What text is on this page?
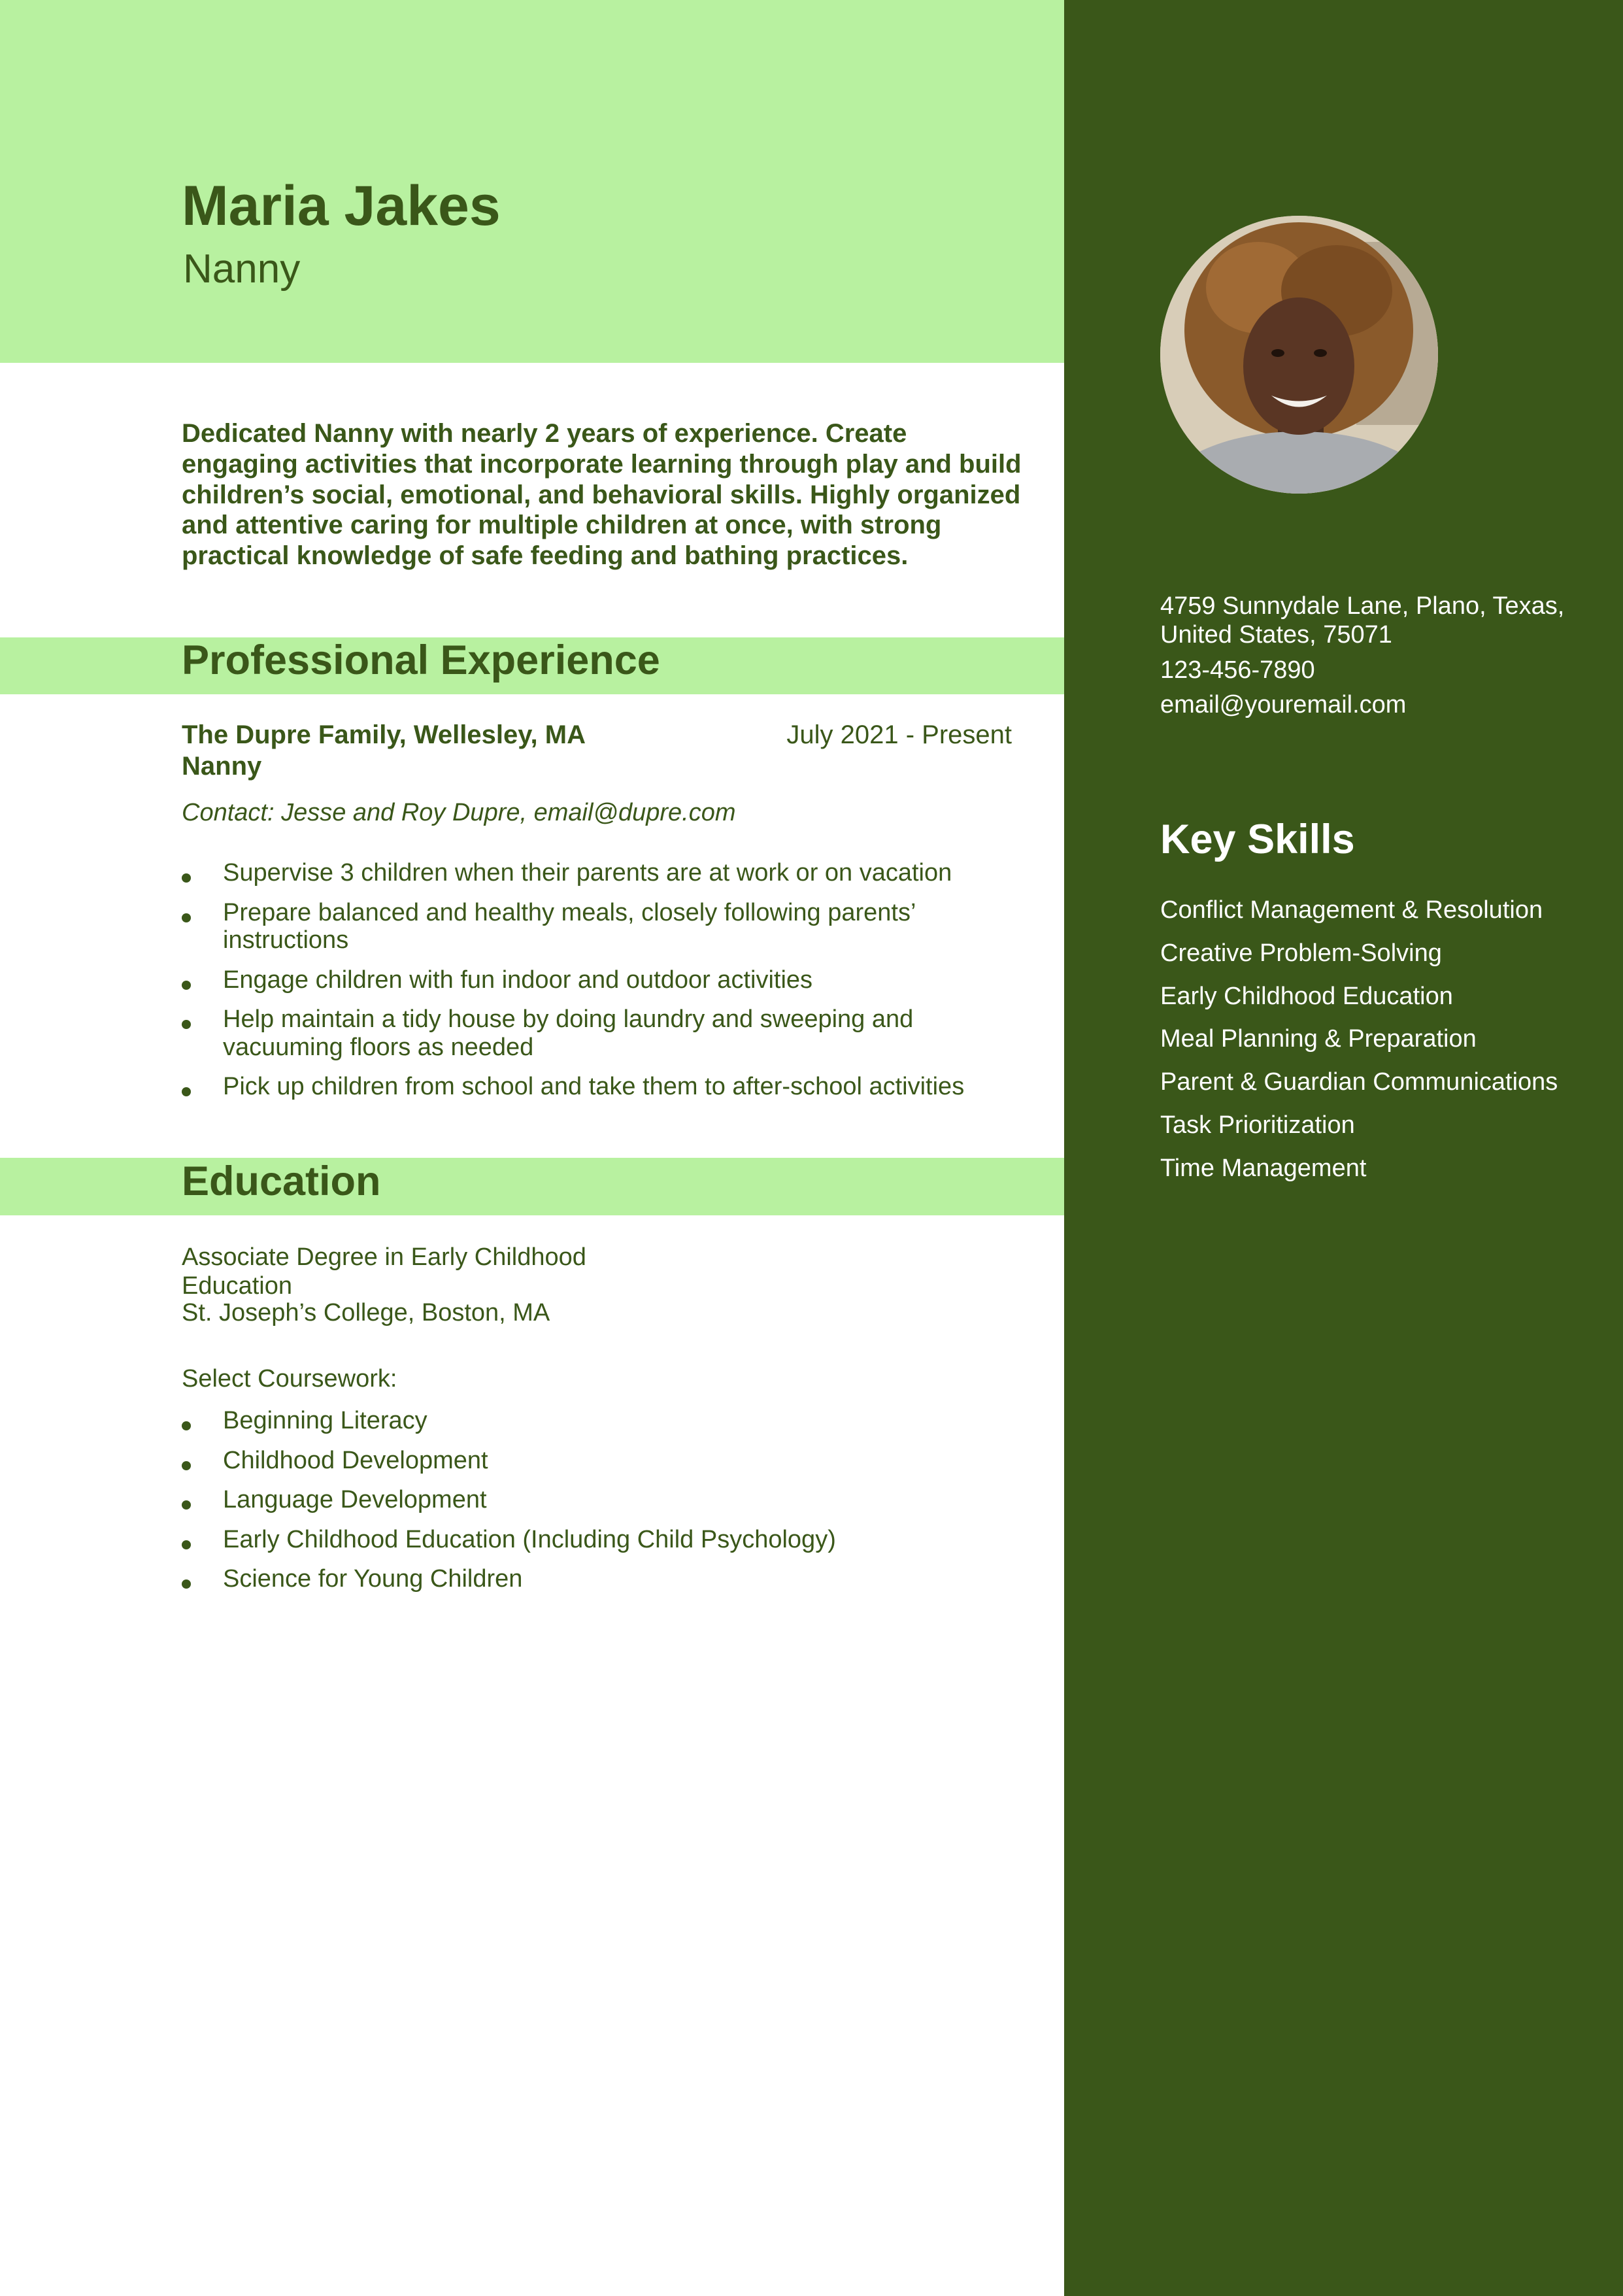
Maria Jakes
Nanny
Dedicated Nanny with nearly 2 years of experience. Create engaging activities that incorporate learning through play and build children’s social, emotional, and behavioral skills. Highly organized and attentive caring for multiple children at once, with strong practical knowledge of safe feeding and bathing practices.
Professional Experience
The Dupre Family, Wellesley, MA	July 2021 - Present
Nanny
Contact: Jesse and Roy Dupre, email@dupre.com
Supervise 3 children when their parents are at work or on vacation
Prepare balanced and healthy meals, closely following parents’ instructions
Engage children with fun indoor and outdoor activities
Help maintain a tidy house by doing laundry and sweeping and vacuuming floors as needed
Pick up children from school and take them to after-school activities
Education
Associate Degree in Early Childhood Education
St. Joseph’s College, Boston, MA
Select Coursework:
Beginning Literacy
Childhood Development
Language Development
Early Childhood Education (Including Child Psychology)
Science for Young Children
4759 Sunnydale Lane, Plano, Texas, United States, 75071
123-456-7890
email@youremail.com
Key Skills
Conflict Management & Resolution
Creative Problem-Solving
Early Childhood Education
Meal Planning & Preparation
Parent & Guardian Communications
Task Prioritization
Time Management
